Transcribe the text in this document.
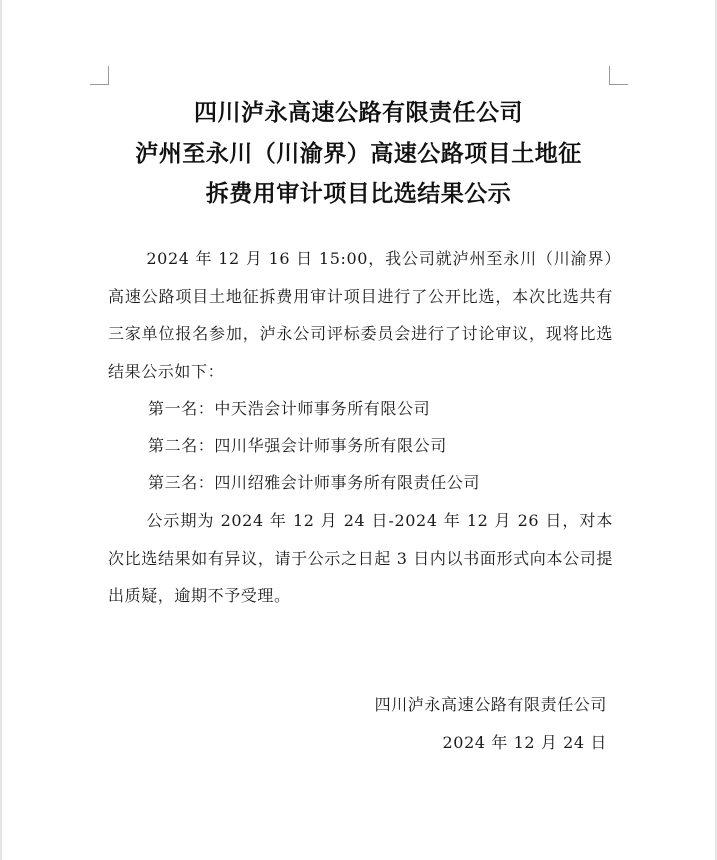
四川泸永高速公路有限责任公司
泸州至永川（川渝界）高速公路项目土地征
拆费用审计项目比选结果公示
2024 年 12 月 16 日 15:00，我公司就泸州至永川（川渝界）高速公路项目土地征拆费用审计项目进行了公开比选，本次比选共有三家单位报名参加，泸永公司评标委员会进行了讨论审议，现将比选结果公示如下：
第一名：中天浩会计师事务所有限公司
第二名：四川华强会计师事务所有限公司
第三名：四川绍雅会计师事务所有限责任公司
公示期为 2024 年 12 月 24 日-2024 年 12 月 26 日，对本次比选结果如有异议，请于公示之日起 3 日内以书面形式向本公司提出质疑，逾期不予受理。
四川泸永高速公路有限责任公司
2024 年 12 月 24 日
